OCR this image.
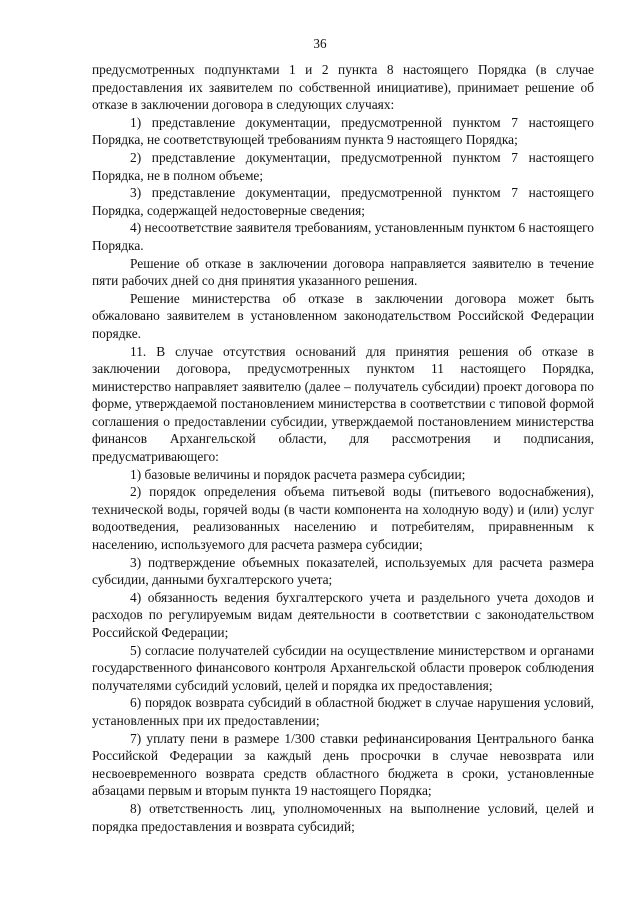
36

предусмотренных подпунктами 1 и 2 пункта 8 настоящего Порядка (в случае предоставления их заявителем по собственной инициативе), принимает решение об отказе в заключении договора в следующих случаях:

1) представление документации, предусмотренной пунктом 7 настоящего Порядка, не соответствующей требованиям пункта 9 настоящего Порядка;

2) представление документации, предусмотренной пунктом 7 настоящего Порядка, не в полном объеме;

3) представление документации, предусмотренной пунктом 7 настоящего Порядка, содержащей недостоверные сведения;

4) несоответствие заявителя требованиям, установленным пунктом 6 настоящего Порядка.

Решение об отказе в заключении договора направляется заявителю в течение пяти рабочих дней со дня принятия указанного решения.

Решение министерства об отказе в заключении договора может быть обжаловано заявителем в установленном законодательством Российской Федерации порядке.

11. В случае отсутствия оснований для принятия решения об отказе в заключении договора, предусмотренных пунктом 11 настоящего Порядка, министерство направляет заявителю (далее – получатель субсидии) проект договора по форме, утверждаемой постановлением министерства в соответствии с типовой формой соглашения о предоставлении субсидии, утверждаемой постановлением министерства финансов Архангельской области, для рассмотрения и подписания, предусматривающего:

1) базовые величины и порядок расчета размера субсидии;

2) порядок определения объема питьевой воды (питьевого водоснабжения), технической воды, горячей воды (в части компонента на холодную воду) и (или) услуг водоотведения, реализованных населению и потребителям, приравненным к населению, используемого для расчета размера субсидии;

3) подтверждение объемных показателей, используемых для расчета размера субсидии, данными бухгалтерского учета;

4) обязанность ведения бухгалтерского учета и раздельного учета доходов и расходов по регулируемым видам деятельности в соответствии с законодательством Российской Федерации;

5) согласие получателей субсидии на осуществление министерством и органами государственного финансового контроля Архангельской области проверок соблюдения получателями субсидий условий, целей и порядка их предоставления;

6) порядок возврата субсидий в областной бюджет в случае нарушения условий, установленных при их предоставлении;

7) уплату пени в размере 1/300 ставки рефинансирования Центрального банка Российской Федерации за каждый день просрочки в случае невозврата или несвоевременного возврата средств областного бюджета в сроки, установленные абзацами первым и вторым пункта 19 настоящего Порядка;

8) ответственность лиц, уполномоченных на выполнение условий, целей и порядка предоставления и возврата субсидий;
